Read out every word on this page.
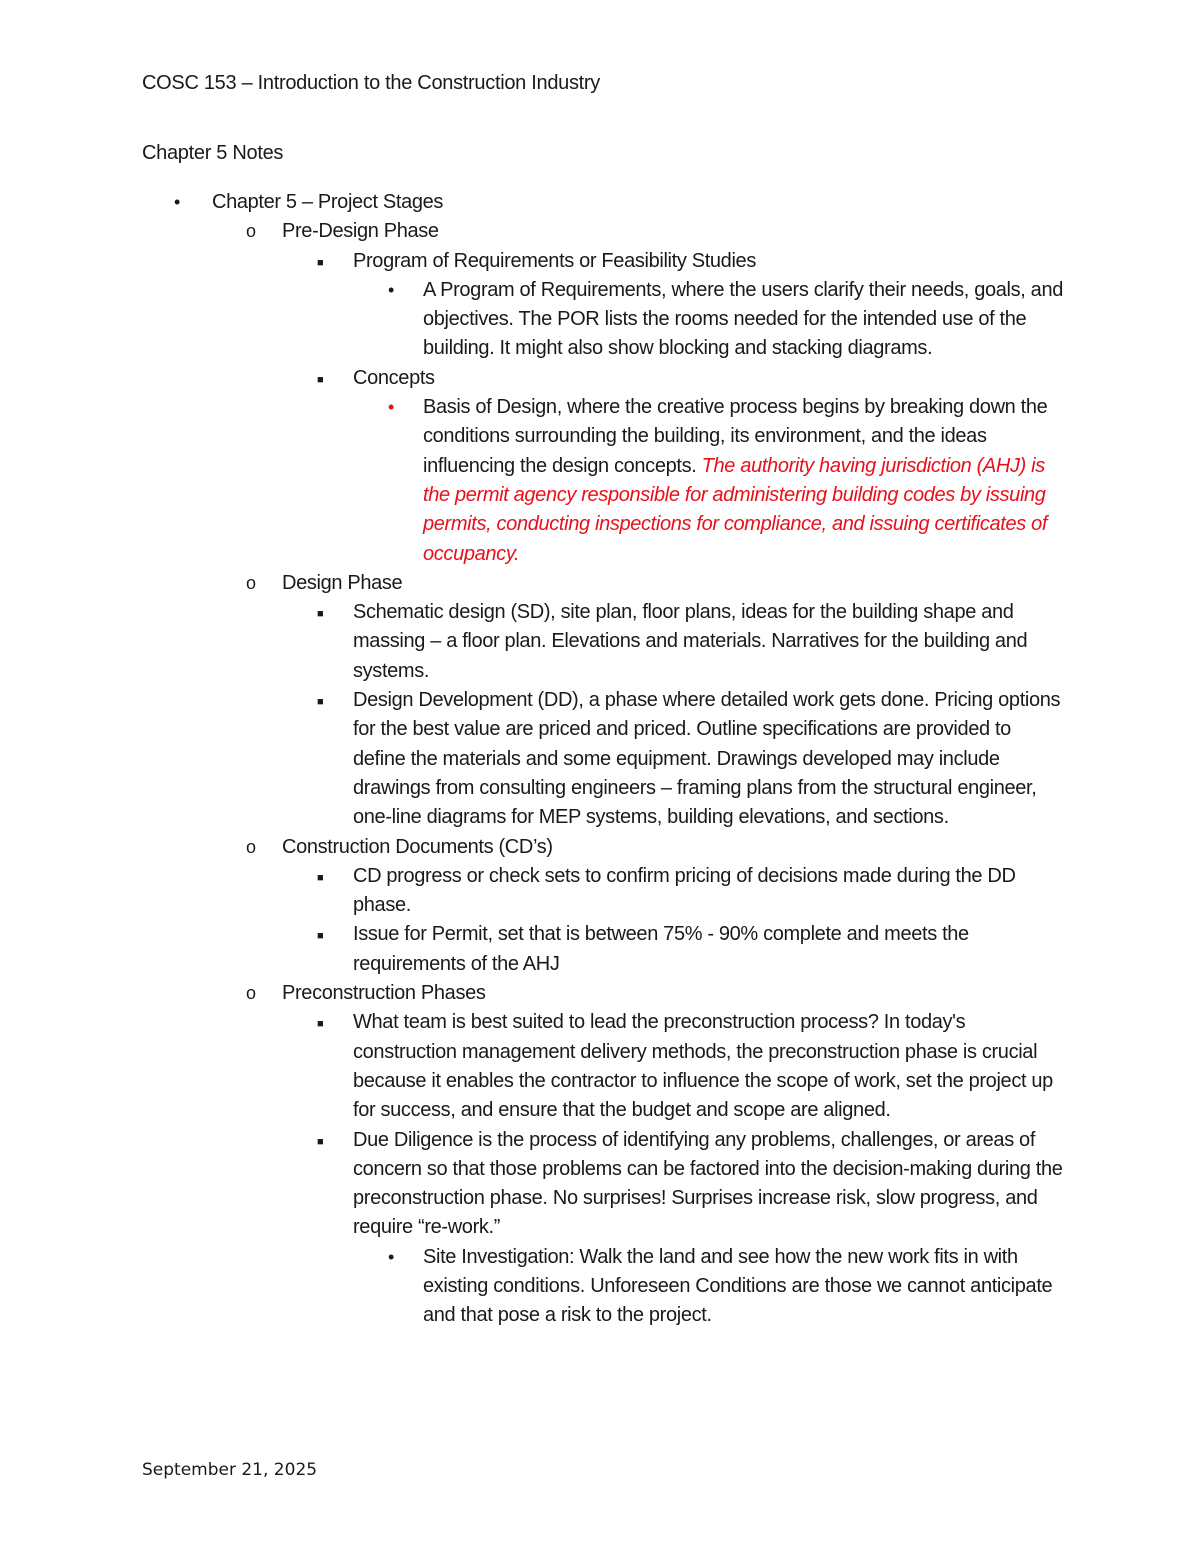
COSC 153 – Introduction to the Construction Industry
Chapter 5 Notes
•	Chapter 5 – Project Stages
o	Pre-Design Phase
■	Program of Requirements or Feasibility Studies
•	A Program of Requirements, where the users clarify their needs, goals, and objectives. The POR lists the rooms needed for the intended use of the building. It might also show blocking and stacking diagrams.
■	Concepts
•	Basis of Design, where the creative process begins by breaking down the conditions surrounding the building, its environment, and the ideas influencing the design concepts. The authority having jurisdiction (AHJ) is the permit agency responsible for administering building codes by issuing permits, conducting inspections for compliance, and issuing certificates of occupancy.
o	Design Phase
■	Schematic design (SD), site plan, floor plans, ideas for the building shape and massing – a floor plan. Elevations and materials. Narratives for the building and systems.
■	Design Development (DD), a phase where detailed work gets done. Pricing options for the best value are priced and priced. Outline specifications are provided to define the materials and some equipment. Drawings developed may include drawings from consulting engineers – framing plans from the structural engineer, one-line diagrams for MEP systems, building elevations, and sections.
o	Construction Documents (CD’s)
■	CD progress or check sets to confirm pricing of decisions made during the DD phase.
■	Issue for Permit, set that is between 75% - 90% complete and meets the requirements of the AHJ
o	Preconstruction Phases
■	What team is best suited to lead the preconstruction process? In today's construction management delivery methods, the preconstruction phase is crucial because it enables the contractor to influence the scope of work, set the project up for success, and ensure that the budget and scope are aligned.
■	Due Diligence is the process of identifying any problems, challenges, or areas of concern so that those problems can be factored into the decision-making during the preconstruction phase. No surprises! Surprises increase risk, slow progress, and require “re-work.”
•	Site Investigation: Walk the land and see how the new work fits in with existing conditions. Unforeseen Conditions are those we cannot anticipate and that pose a risk to the project.
September 21, 2025
